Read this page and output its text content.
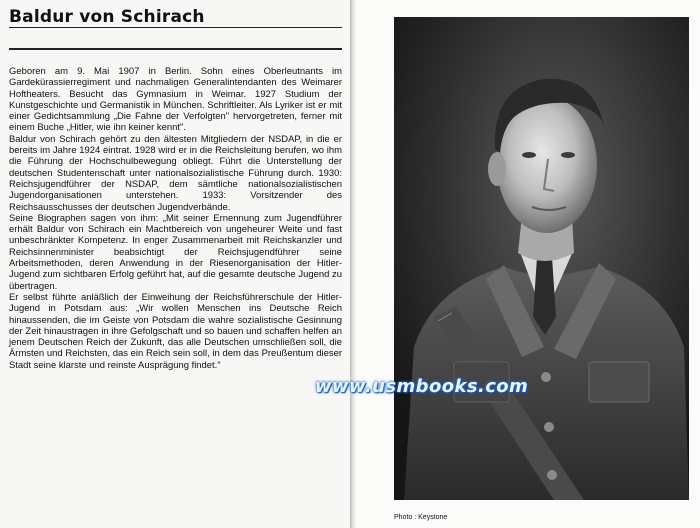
Baldur von Schirach

Geboren am 9. Mai 1907 in Berlin. Sohn eines Oberleutnants im Gardekürassierregiment und nachmaligen Generalintendanten des Weimarer Hoftheaters. Besucht das Gymnasium in Weimar. 1927 Studium der Kunstgeschichte und Germanistik in München. Schriftleiter. Als Lyriker ist er mit einer Gedichtsammlung „Die Fahne der Verfolgten" hervorgetreten, ferner mit einem Buche „Hitler, wie ihn keiner kennt".

Baldur von Schirach gehört zu den ältesten Mitgliedern der NSDAP, in die er bereits im Jahre 1924 eintrat. 1928 wird er in die Reichsleitung berufen, wo ihm die Führung der Hochschulbewegung obliegt. Führt die Unterstellung der deutschen Studentenschaft unter nationalsozialistische Führung durch. 1930: Reichsjugendführer der NSDAP, dem sämtliche nationalsozialistischen Jugendorganisationen unterstehen. 1933: Vorsitzender des Reichsausschusses der deutschen Jugendverbände.

Seine Biographen sagen von ihm: „Mit seiner Ernennung zum Jugendführer erhält Baldur von Schirach ein Machtbereich von ungeheurer Weite und fast unbeschränkter Kompetenz. In enger Zusammenarbeit mit Reichskanzler und Reichsinnenminister beabsichtigt der Reichsjugendführer seine Arbeitsmethoden, deren Anwendung in der Riesenorganisation der Hitler-Jugend zum sichtbaren Erfolg geführt hat, auf die gesamte deutsche Jugend zu übertragen.

Er selbst führte anläßlich der Einweihung der Reichsführerschule der Hitler-Jugend in Potsdam aus: „Wir wollen Menschen ins Deutsche Reich hinaussenden, die im Geiste von Potsdam die wahre sozialistische Gesinnung der Zeit hinaustragen in ihre Gefolgschaft und so bauen und schaffen helfen an jenem Deutschen Reich der Zukunft, das alle Deutschen umschließen soll, die Ärmsten und Reichsten, das ein Reich sein soll, in dem das Preußentum dieser Stadt seine klarste und reinste Ausprägung findet."

Photo : Keystone
www.usmbooks.com
